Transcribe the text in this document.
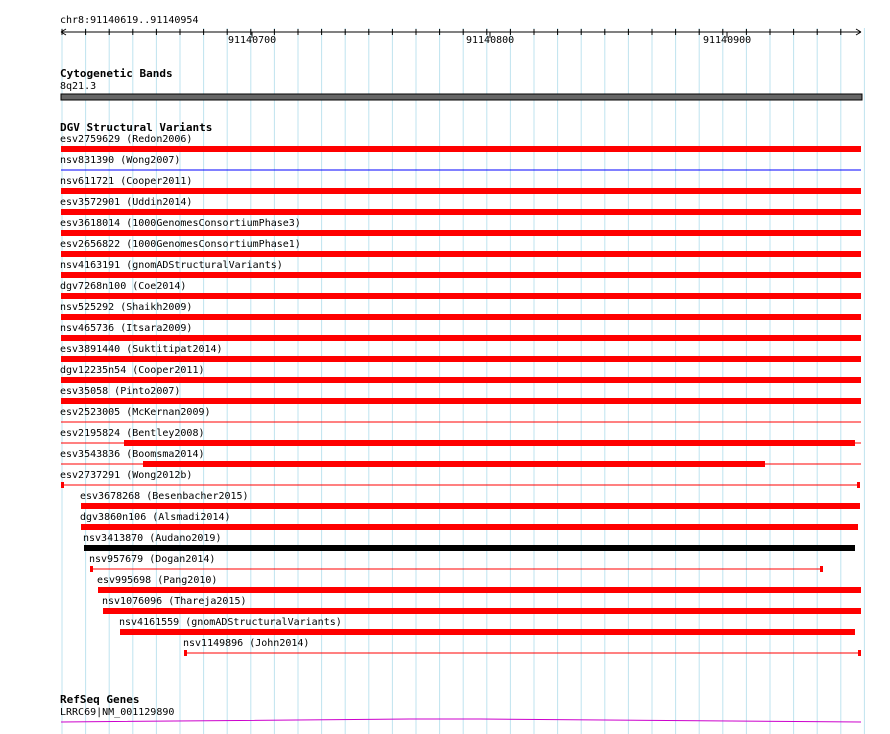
chr8:91140619..91140954
91140700	91140800	91140900
Cytogenetic Bands
8q21.3
DGV Structural Variants
esv2759629 (Redon2006)
nsv831390 (Wong2007)
nsv611721 (Cooper2011)
esv3572901 (Uddin2014)
esv3618014 (1000GenomesConsortiumPhase3)
esv2656822 (1000GenomesConsortiumPhase1)
nsv4163191 (gnomADStructuralVariants)
dgv7268n100 (Coe2014)
nsv525292 (Shaikh2009)
nsv465736 (Itsara2009)
esv3891440 (Suktitipat2014)
dgv12235n54 (Cooper2011)
esv35058 (Pinto2007)
esv2523005 (McKernan2009)
esv2195824 (Bentley2008)
esv3543836 (Boomsma2014)
esv2737291 (Wong2012b)
esv3678268 (Besenbacher2015)
dgv3860n106 (Alsmadi2014)
nsv3413870 (Audano2019)
nsv957679 (Dogan2014)
esv995698 (Pang2010)
nsv1076096 (Thareja2015)
nsv4161559 (gnomADStructuralVariants)
nsv1149896 (John2014)
RefSeq Genes
LRRC69|NM_001129890
